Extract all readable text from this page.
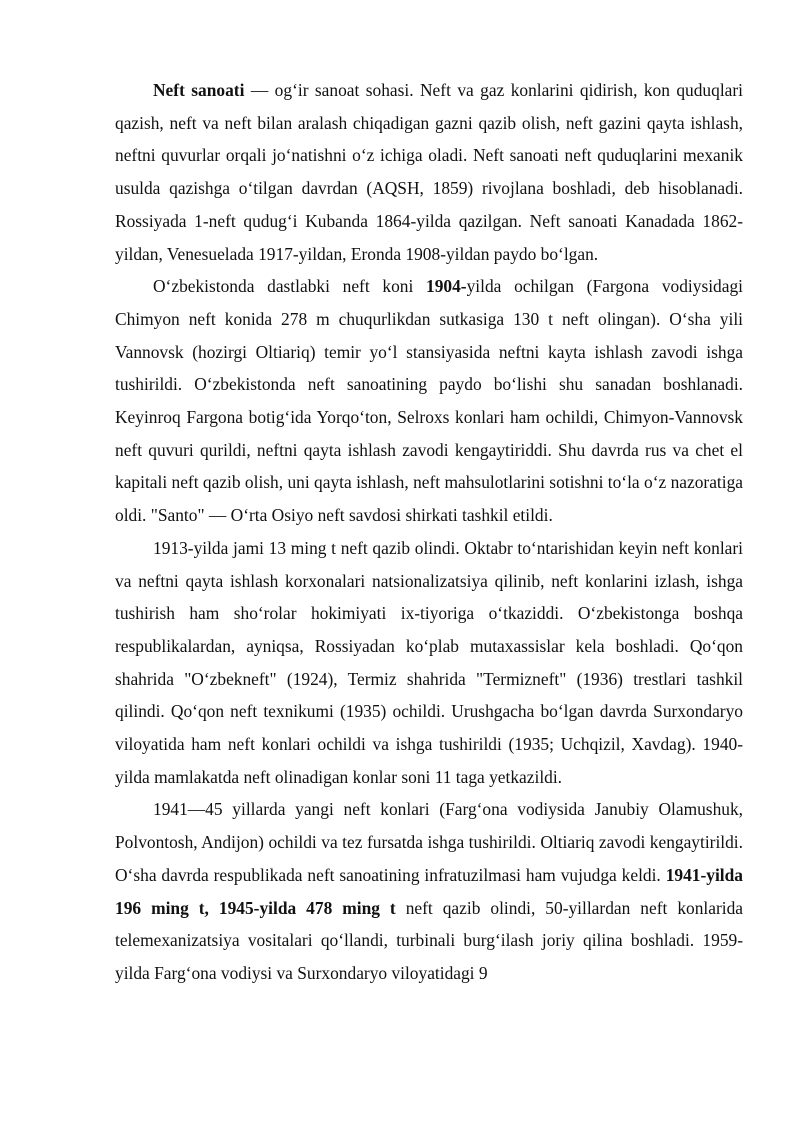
Neft sanoati — og‘ir sanoat sohasi. Neft va gaz konlarini qidirish, kon quduqlari qazish, neft va neft bilan aralash chiqadigan gazni qazib olish, neft gazini qayta ishlash, neftni quvurlar orqali jo‘natishni o‘z ichiga oladi. Neft sanoati neft quduqlarini mexanik usulda qazishga o‘tilgan davrdan (AQSH, 1859) rivojlana boshladi, deb hisoblanadi. Rossiyada 1-neft qudug‘i Kubanda 1864-yilda qazilgan. Neft sanoati Kanadada 1862-yildan, Venesuelada 1917-yildan, Eronda 1908-yildan paydo bo‘lgan.

O‘zbekistonda dastlabki neft koni 1904-yilda ochilgan (Fargona vodiysidagi Chimyon neft konida 278 m chuqurlikdan sutkasiga 130 t neft olingan). O‘sha yili Vannovsk (hozirgi Oltiariq) temir yo‘l stansiyasida neftni kayta ishlash zavodi ishga tushirildi. O‘zbekistonda neft sanoatining paydo bo‘lishi shu sanadan boshlanadi. Keyinroq Fargona botig‘ida Yorqo‘ton, Selroxs konlari ham ochildi, Chimyon-Vannovsk neft quvuri qurildi, neftni qayta ishlash zavodi kengaytiriddi. Shu davrda rus va chet el kapitali neft qazib olish, uni qayta ishlash, neft mahsulotlarini sotishni to‘la o‘z nazoratiga oldi. "Santo" — O‘rta Osiyo neft savdosi shirkati tashkil etildi.

1913-yilda jami 13 ming t neft qazib olindi. Oktabr to‘ntarishidan keyin neft konlari va neftni qayta ishlash korxonalari natsionalizatsiya qilinib, neft konlarini izlash, ishga tushirish ham sho‘rolar hokimiyati ix-tiyoriga o‘tkaziddi. O‘zbekistonga boshqa respublikalardan, ayniqsa, Rossiyadan ko‘plab mutaxassislar kela boshladi. Qo‘qon shahrida "O‘zbekneft" (1924), Termiz shahrida "Termizneft" (1936) trestlari tashkil qilindi. Qo‘qon neft texnikumi (1935) ochildi. Urushgacha bo‘lgan davrda Surxondaryo viloyatida ham neft konlari ochildi va ishga tushirildi (1935; Uchqizil, Xavdag). 1940-yilda mamlakatda neft olinadigan konlar soni 11 taga yetkazildi.

1941—45 yillarda yangi neft konlari (Farg‘ona vodiysida Janubiy Olamushuk, Polvontosh, Andijon) ochildi va tez fursatda ishga tushirildi. Oltiariq zavodi kengaytirildi. O‘sha davrda respublikada neft sanoatining infratuzilmasi ham vujudga keldi. 1941-yilda 196 ming t, 1945-yilda 478 ming t neft qazib olindi, 50-yillardan neft konlarida telemexanizatsiya vositalari qo‘llandi, turbinali burg‘ilash joriy qilina boshladi. 1959-yilda Farg‘ona vodiysi va Surxondaryo viloyatidagi 9
